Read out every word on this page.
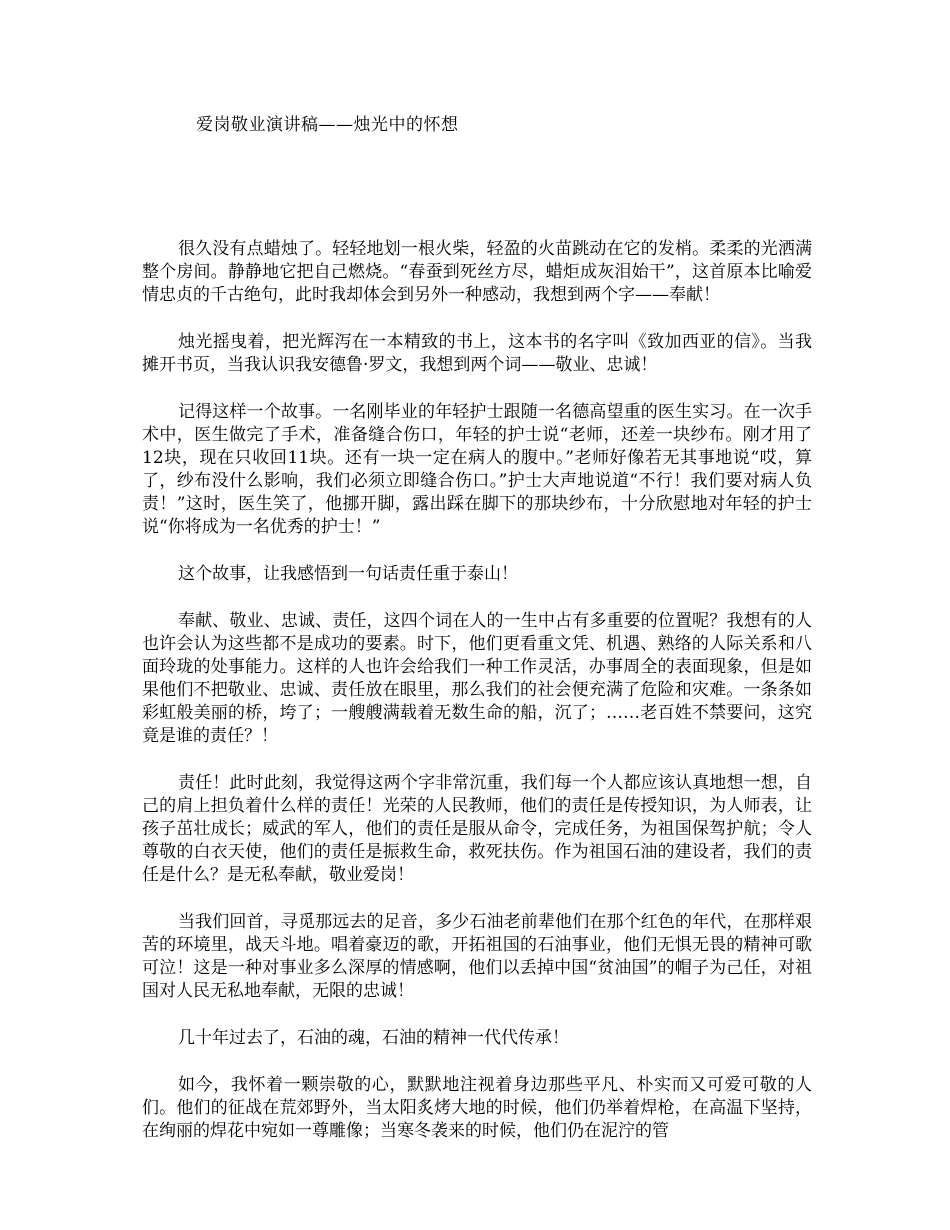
爱岗敬业演讲稿——烛光中的怀想

很久没有点蜡烛了。轻轻地划一根火柴，轻盈的火苗跳动在它的发梢。柔柔的光洒满整个房间。静静地它把自己燃烧。“春蚕到死丝方尽，蜡炬成灰泪始干”，这首原本比喻爱情忠贞的千古绝句，此时我却体会到另外一种感动，我想到两个字——奉献！

烛光摇曳着，把光辉泻在一本精致的书上，这本书的名字叫《致加西亚的信》。当我摊开书页，当我认识我安德鲁·罗文，我想到两个词——敬业、忠诚！

记得这样一个故事。一名刚毕业的年轻护士跟随一名德高望重的医生实习。在一次手术中，医生做完了手术，准备缝合伤口，年轻的护士说“老师，还差一块纱布。刚才用了12块，现在只收回11块。还有一块一定在病人的腹中。”老师好像若无其事地说“哎，算了，纱布没什么影响，我们必须立即缝合伤口。”护士大声地说道“不行！我们要对病人负责！”这时，医生笑了，他挪开脚，露出踩在脚下的那块纱布，十分欣慰地对年轻的护士说“你将成为一名优秀的护士！”

这个故事，让我感悟到一句话责任重于泰山！

奉献、敬业、忠诚、责任，这四个词在人的一生中占有多重要的位置呢？我想有的人也许会认为这些都不是成功的要素。时下，他们更看重文凭、机遇、熟络的人际关系和八面玲珑的处事能力。这样的人也许会给我们一种工作灵活，办事周全的表面现象，但是如果他们不把敬业、忠诚、责任放在眼里，那么我们的社会便充满了危险和灾难。一条条如彩虹般美丽的桥，垮了；一艘艘满载着无数生命的船，沉了；……老百姓不禁要问，这究竟是谁的责任？！

责任！此时此刻，我觉得这两个字非常沉重，我们每一个人都应该认真地想一想，自己的肩上担负着什么样的责任！光荣的人民教师，他们的责任是传授知识，为人师表，让孩子茁壮成长；威武的军人，他们的责任是服从命令，完成任务，为祖国保驾护航；令人尊敬的白衣天使，他们的责任是振救生命，救死扶伤。作为祖国石油的建设者，我们的责任是什么？是无私奉献，敬业爱岗！

当我们回首，寻觅那远去的足音，多少石油老前辈他们在那个红色的年代，在那样艰苦的环境里，战天斗地。唱着豪迈的歌，开拓祖国的石油事业，他们无惧无畏的精神可歌可泣！这是一种对事业多么深厚的情感啊，他们以丢掉中国“贫油国”的帽子为己任，对祖国对人民无私地奉献，无限的忠诚！

几十年过去了，石油的魂，石油的精神一代代传承！

如今，我怀着一颗崇敬的心，默默地注视着身边那些平凡、朴实而又可爱可敬的人们。他们的征战在荒郊野外，当太阳炙烤大地的时候，他们仍举着焊枪，在高温下坚持，在绚丽的焊花中宛如一尊雕像；当寒冬袭来的时候，他们仍在泥泞的管
